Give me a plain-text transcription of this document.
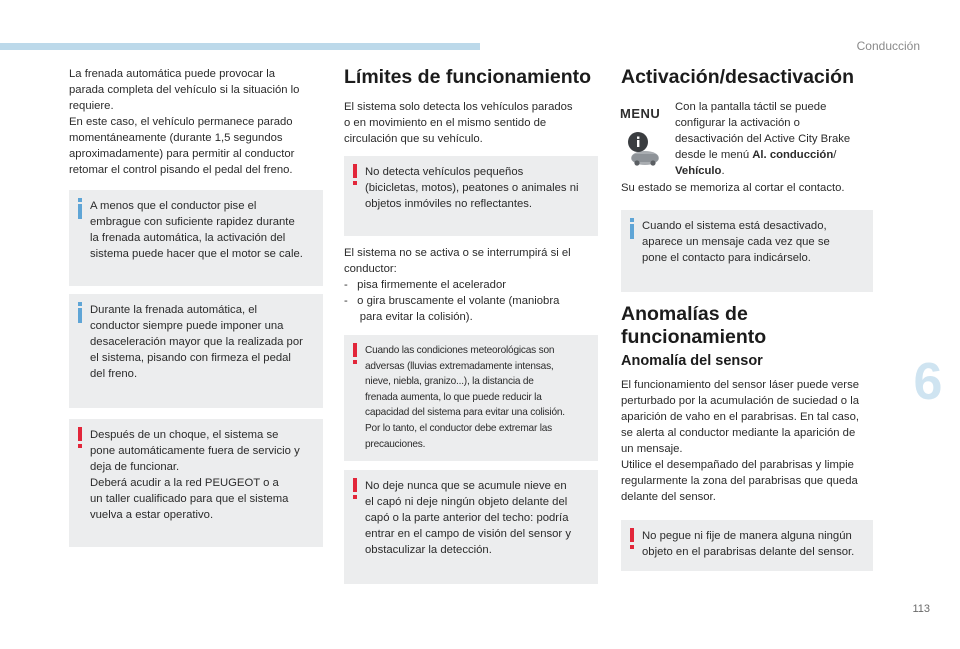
Conducción
6
113
La frenada automática puede provocar la
parada completa del vehículo si la situación lo
requiere.
En este caso, el vehículo permanece parado
momentáneamente (durante 1,5 segundos
aproximadamente) para permitir al conductor
retomar el control pisando el pedal del freno.
A menos que el conductor pise el
embrague con suficiente rapidez durante
la frenada automática, la activación del
sistema puede hacer que el motor se cale.
Durante la frenada automática, el
conductor siempre puede imponer una
desaceleración mayor que la realizada por
el sistema, pisando con firmeza el pedal
del freno.
Después de un choque, el sistema se
pone automáticamente fuera de servicio y
deja de funcionar.
Deberá acudir a la red PEUGEOT o a
un taller cualificado para que el sistema
vuelva a estar operativo.
Límites de funcionamiento
El sistema solo detecta los vehículos parados
o en movimiento en el mismo sentido de
circulación que su vehículo.
No detecta vehículos pequeños
(bicicletas, motos), peatones o animales ni
objetos inmóviles no reflectantes.
El sistema no se activa o se interrumpirá si el
conductor:
-   pisa firmemente el acelerador
-   o gira bruscamente el volante (maniobra
para evitar la colisión).
Cuando las condiciones meteorológicas son
adversas (lluvias extremadamente intensas,
nieve, niebla, granizo...), la distancia de
frenada aumenta, lo que puede reducir la
capacidad del sistema para evitar una colisión.
Por lo tanto, el conductor debe extremar las
precauciones.
No deje nunca que se acumule nieve en
el capó ni deje ningún objeto delante del
capó o la parte anterior del techo: podría
entrar en el campo de visión del sensor y
obstaculizar la detección.
Activación/desactivación
MENU	Con la pantalla táctil se puede
configurar la activación o
desactivación del Active City Brake
desde le menú Al. conducción/
Vehículo.
Su estado se memoriza al cortar el contacto.
Cuando el sistema está desactivado,
aparece un mensaje cada vez que se
pone el contacto para indicárselo.
Anomalías de
funcionamiento
Anomalía del sensor
El funcionamiento del sensor láser puede verse
perturbado por la acumulación de suciedad o la
aparición de vaho en el parabrisas. En tal caso,
se alerta al conductor mediante la aparición de
un mensaje.
Utilice el desempañado del parabrisas y limpie
regularmente la zona del parabrisas que queda
delante del sensor.
No pegue ni fije de manera alguna ningún
objeto en el parabrisas delante del sensor.
